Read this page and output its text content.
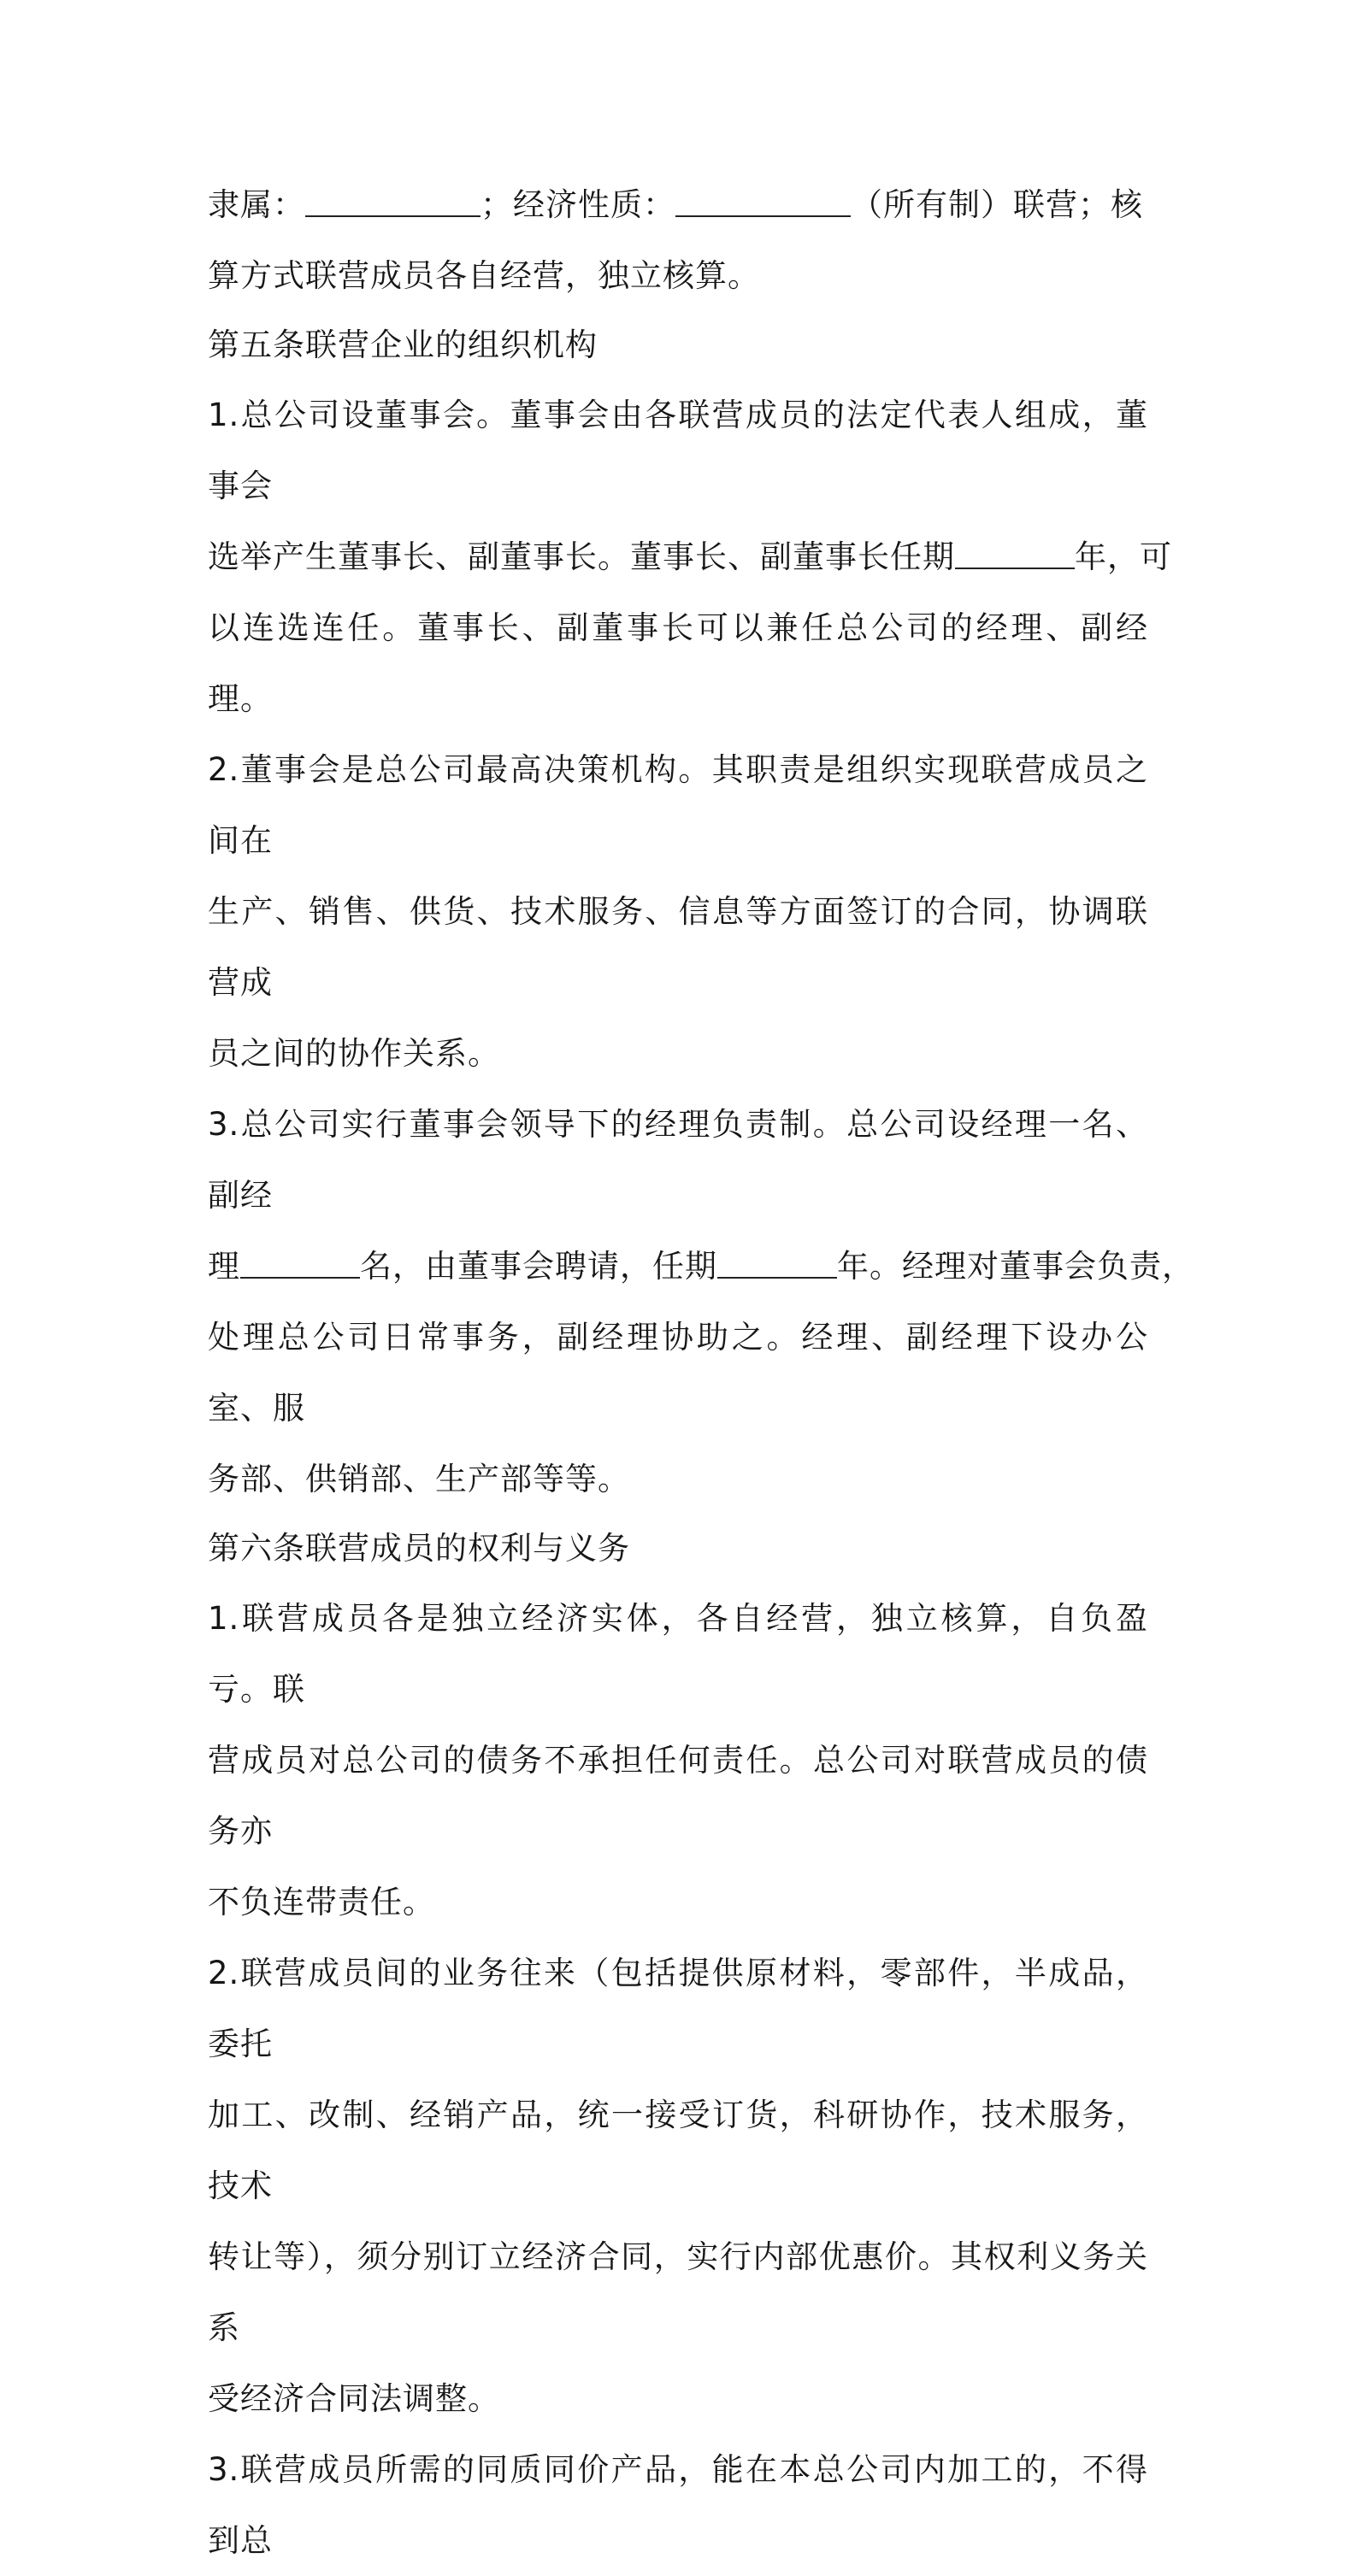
隶属：	；经济性质：	（所有制）联营；核
算方式联营成员各自经营，独立核算。

第五条联营企业的组织机构

1.总公司设董事会。董事会由各联营成员的法定代表人组成，董事会
选举产生董事长、副董事长。董事长、副董事长任期	年，可
以连选连任。董事长、副董事长可以兼任总公司的经理、副经理。

2.董事会是总公司最高决策机构。其职责是组织实现联营成员之间在
生产、销售、供货、技术服务、信息等方面签订的合同，协调联营成
员之间的协作关系。

3.总公司实行董事会领导下的经理负责制。总公司设经理一名、副经
理	名，由董事会聘请，任期	年。经理对董事会负责，
处理总公司日常事务，副经理协助之。经理、副经理下设办公室、服
务部、供销部、生产部等等。

第六条联营成员的权利与义务

1.联营成员各是独立经济实体，各自经营，独立核算，自负盈亏。联
营成员对总公司的债务不承担任何责任。总公司对联营成员的债务亦
不负连带责任。

2.联营成员间的业务往来（包括提供原材料，零部件，半成品，委托
加工、改制、经销产品，统一接受订货，科研协作，技术服务，技术
转让等），须分别订立经济合同，实行内部优惠价。其权利义务关系
受经济合同法调整。

3.联营成员所需的同质同价产品，能在本总公司内加工的，不得到总
